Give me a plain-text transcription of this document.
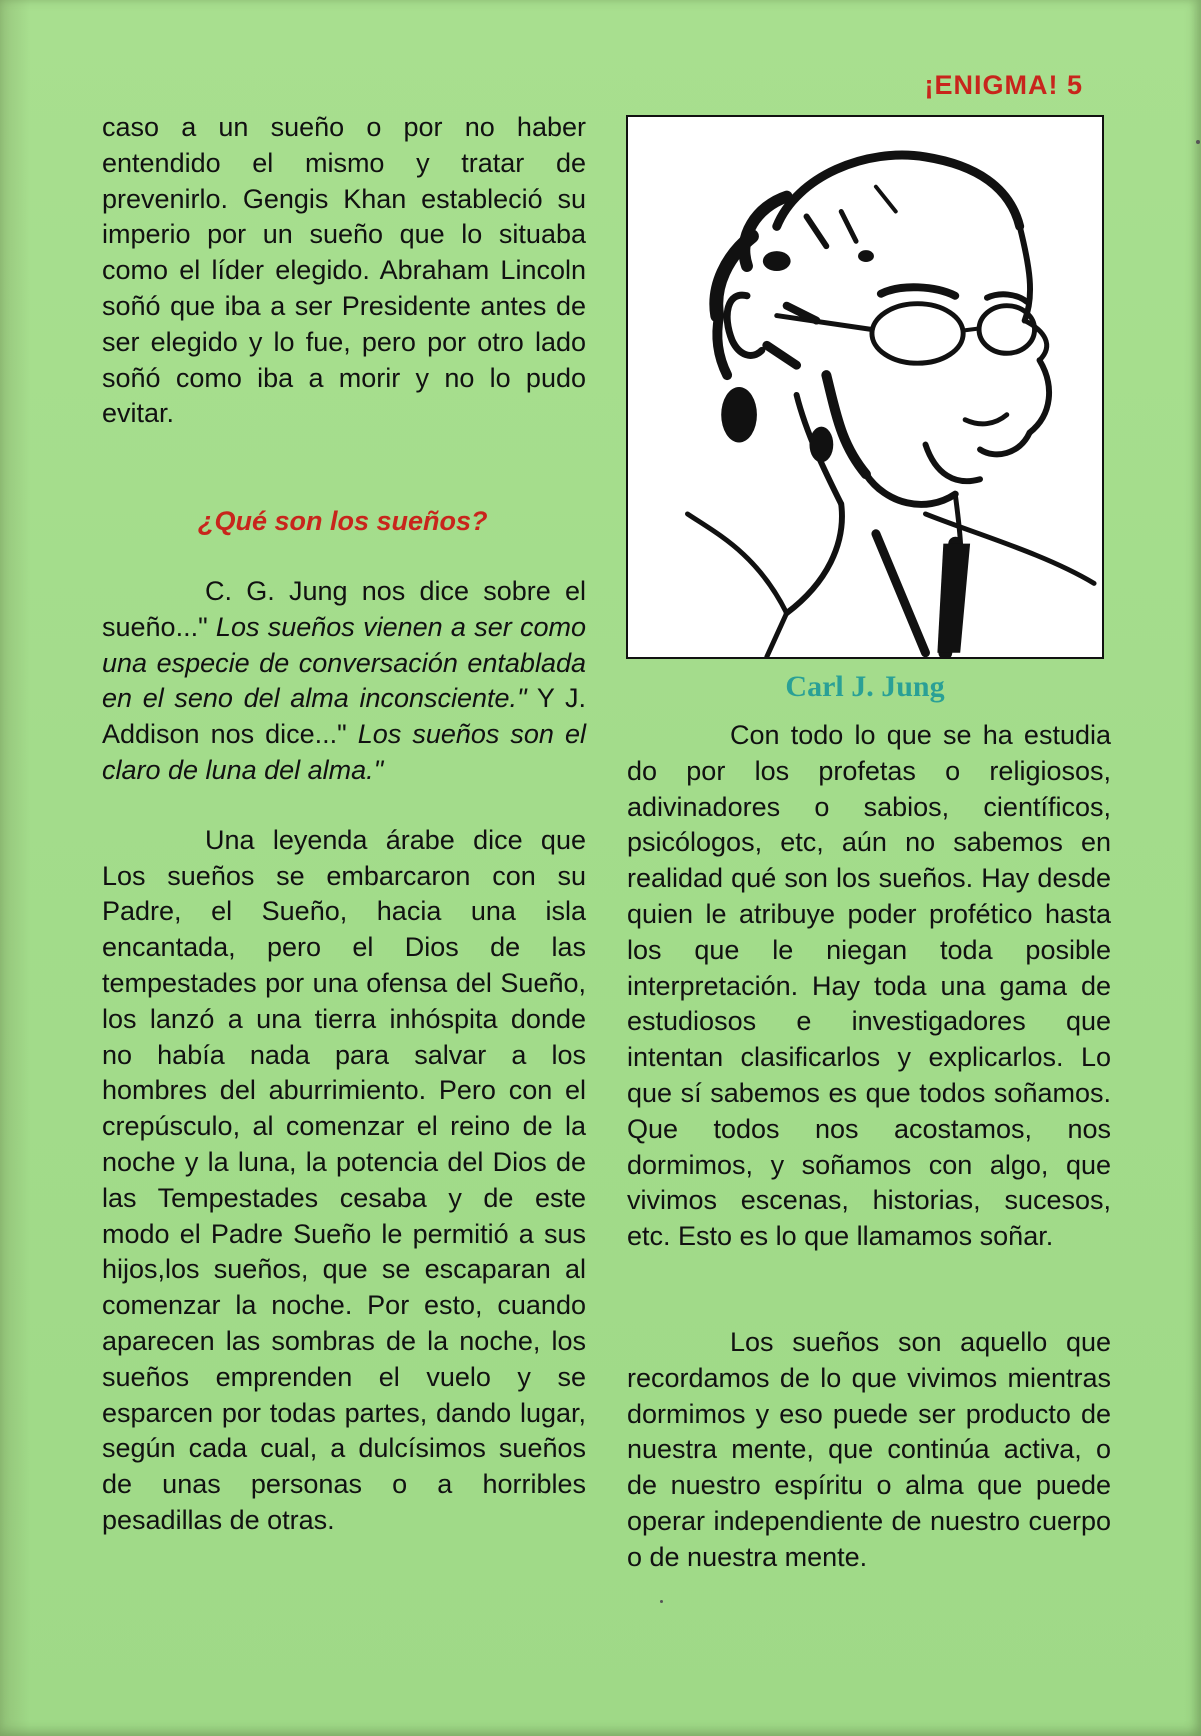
¡ENIGMA! 5

caso a un sueño o por no haber entendido el mismo y tratar de prevenirlo. Gengis Khan estableció su imperio por un sueño que lo situaba como el líder elegido. Abraham Lincoln soñó que iba a ser Presidente antes de ser elegido y lo fue, pero por otro lado soñó como iba a morir y no lo pudo evitar.

¿Qué son los sueños?

C. G. Jung nos dice sobre el sueño..." Los sueños vienen a ser como una especie de conversación entablada en el seno del alma inconsciente." Y J. Addison nos dice..." Los sueños son el claro de luna del alma."

Una leyenda árabe dice que Los sueños se embarcaron con su Padre, el Sueño, hacia una isla encantada, pero el Dios de las tempestades por una ofensa del Sueño, los lanzó a una tierra inhóspita donde no había nada para salvar a los hombres del aburrimiento. Pero con el crepúsculo, al comenzar el reino de la noche y la luna, la potencia del Dios de las Tempestades cesaba y de este modo el Padre Sueño le permitió a sus hijos,los sueños, que se escaparan al comenzar la noche. Por esto, cuando aparecen las sombras de la noche, los sueños emprenden el vuelo y se esparcen por todas partes, dando lugar, según cada cual, a dulcísimos sueños de unas personas o a horribles pesadillas de otras.

Carl J. Jung

Con todo lo que se ha estudia do por los profetas o religiosos, adivinadores o sabios, científicos, psicólogos, etc, aún no sabemos en realidad qué son los sueños. Hay desde quien le atribuye poder profético hasta los que le niegan toda posible interpretación. Hay toda una gama de estudiosos e investigadores que intentan clasificarlos y explicarlos. Lo que sí sabemos es que todos soñamos. Que todos nos acostamos, nos dormimos, y soñamos con algo, que vivimos escenas, historias, sucesos, etc. Esto es lo que llamamos soñar.

Los sueños son aquello que recordamos de lo que vivimos mientras dormimos y eso puede ser producto de nuestra mente, que continúa activa, o de nuestro espíritu o alma que puede operar independiente de nuestro cuerpo o de nuestra mente.
